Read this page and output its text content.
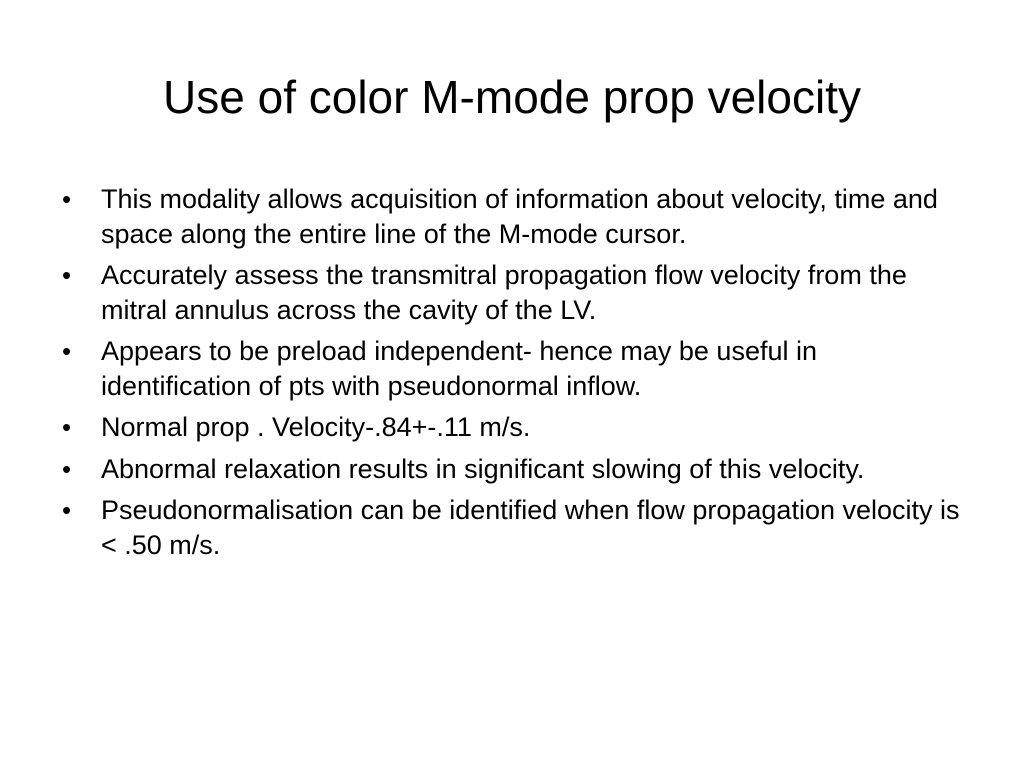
Use of color M-mode prop velocity
•	This modality allows acquisition of information about velocity, time and space along the entire line of the M-mode cursor.
•	Accurately assess the transmitral propagation flow velocity from the mitral annulus across the cavity of the LV.
•	Appears to be preload independent- hence may be useful in identification of pts with pseudonormal inflow.
•	Normal prop . Velocity-.84+-.11 m/s.
•	Abnormal relaxation results in significant slowing of this velocity.
•	Pseudonormalisation can be identified when flow propagation velocity is < .50 m/s.
